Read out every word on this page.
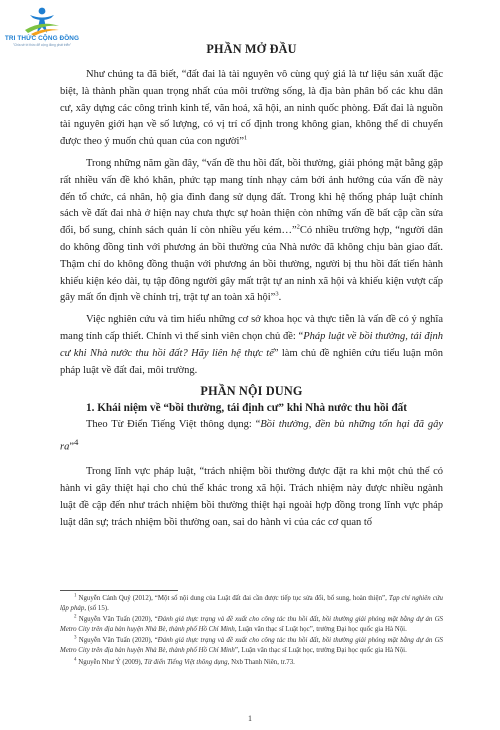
TRI THỨC CỘNG ĐỒNG
"Chia sẻ tri thức để cộng đồng phát triển"	PHẦN MỞ ĐẦU

Như chúng ta đã biết, “đất đai là tài nguyên vô cùng quý giá là tư liệu sản xuất đặc biệt, là thành phần quan trọng nhất của môi trường sống, là địa bàn phân bố các khu dân cư, xây dựng các công trình kinh tế, văn hoá, xã hội, an ninh quốc phòng. Đất đai là nguồn tài nguyên giới hạn về số lượng, có vị trí cố định trong không gian, không thể di chuyển được theo ý muốn chủ quan của con người”$^1$

Trong những năm gần đây, “vấn đề thu hồi đất, bồi thường, giải phóng mặt bằng gặp rất nhiều vấn đề khó khăn, phức tạp mang tính nhạy cảm bởi ảnh hưởng của vấn đề này đến tổ chức, cá nhân, hộ gia đình đang sử dụng đất. Trong khi hệ thống pháp luật chính sách về đất đai nhà ở hiện nay chưa thực sự hoàn thiện còn những vấn đề bất cập cần sửa đổi, bổ sung, chính sách quản lí còn nhiều yếu kém…”$^2$Có nhiều trường hợp, “người dân do không đồng tình với phương án bồi thường của Nhà nước đã không chịu bàn giao đất. Thậm chí do không đồng thuận với phương án bồi thường, người bị thu hồi đất tiến hành khiếu kiện kéo dài, tụ tập đông người gây mất trật tự an ninh xã hội và khiếu kiện vượt cấp gây mất ổn định về chính trị, trật tự an toàn xã hội”$^3$.

Việc nghiên cứu và tìm hiểu những cơ sở khoa học và thực tiễn là vấn đề có ý nghĩa mang tính cấp thiết. Chính vì thế sinh viên chọn chủ đề: “Pháp luật về bồi thường, tái định cư khi Nhà nước thu hồi đất? Hãy liên hệ thực tế” làm chủ đề nghiên cứu tiểu luận môn pháp luật về đất đai, môi trường.

PHẦN NỘI DUNG
1. Khái niệm về “bồi thường, tái định cư” khi Nhà nước thu hồi đất

Theo Từ Điển Tiếng Việt thông dụng: “Bồi thường, đền bù những tổn hại đã gây ra”$^4$

Trong lĩnh vực pháp luật, “trách nhiệm bồi thường được đặt ra khi một chủ thể có hành vi gây thiệt hại cho chủ thể khác trong xã hội. Trách nhiệm này được nhiều ngành luật đề cập đến như trách nhiệm bồi thường thiệt hại ngoài hợp đồng trong lĩnh vực pháp luật dân sự; trách nhiệm bồi thường oan, sai do hành vi của các cơ quan tố

$^1$ Nguyễn Cảnh Quý (2012), “Một số nội dung của Luật đất đai cần được tiếp tục sửa đổi, bổ sung, hoàn thiện”, Tạp chí nghiên cứu lập pháp, (số 15).

$^2$ Nguyễn Văn Tuấn (2020), “Đánh giá thực trạng và đề xuất cho công tác thu hồi đất, bồi thường giải phóng mặt bằng dự án GS Metro City trên địa bàn huyện Nhà Bè, thành phố Hồ Chí Minh, Luận văn thạc sĩ Luật học”, trường Đại học quốc gia Hà Nội.

$^3$ Nguyễn Văn Tuấn (2020), “Đánh giá thực trạng và đề xuất cho công tác thu hồi đất, bồi thường giải phóng mặt bằng dự án GS Metro City trên địa bàn huyện Nhà Bè, thành phố Hồ Chí Minh”, Luận văn thạc sĩ Luật học, trường Đại học quốc gia Hà Nội.

$^4$ Nguyễn Như Ý (2009), Từ điển Tiếng Việt thông dụng, Nxb Thanh Niên, tr.73.

1
